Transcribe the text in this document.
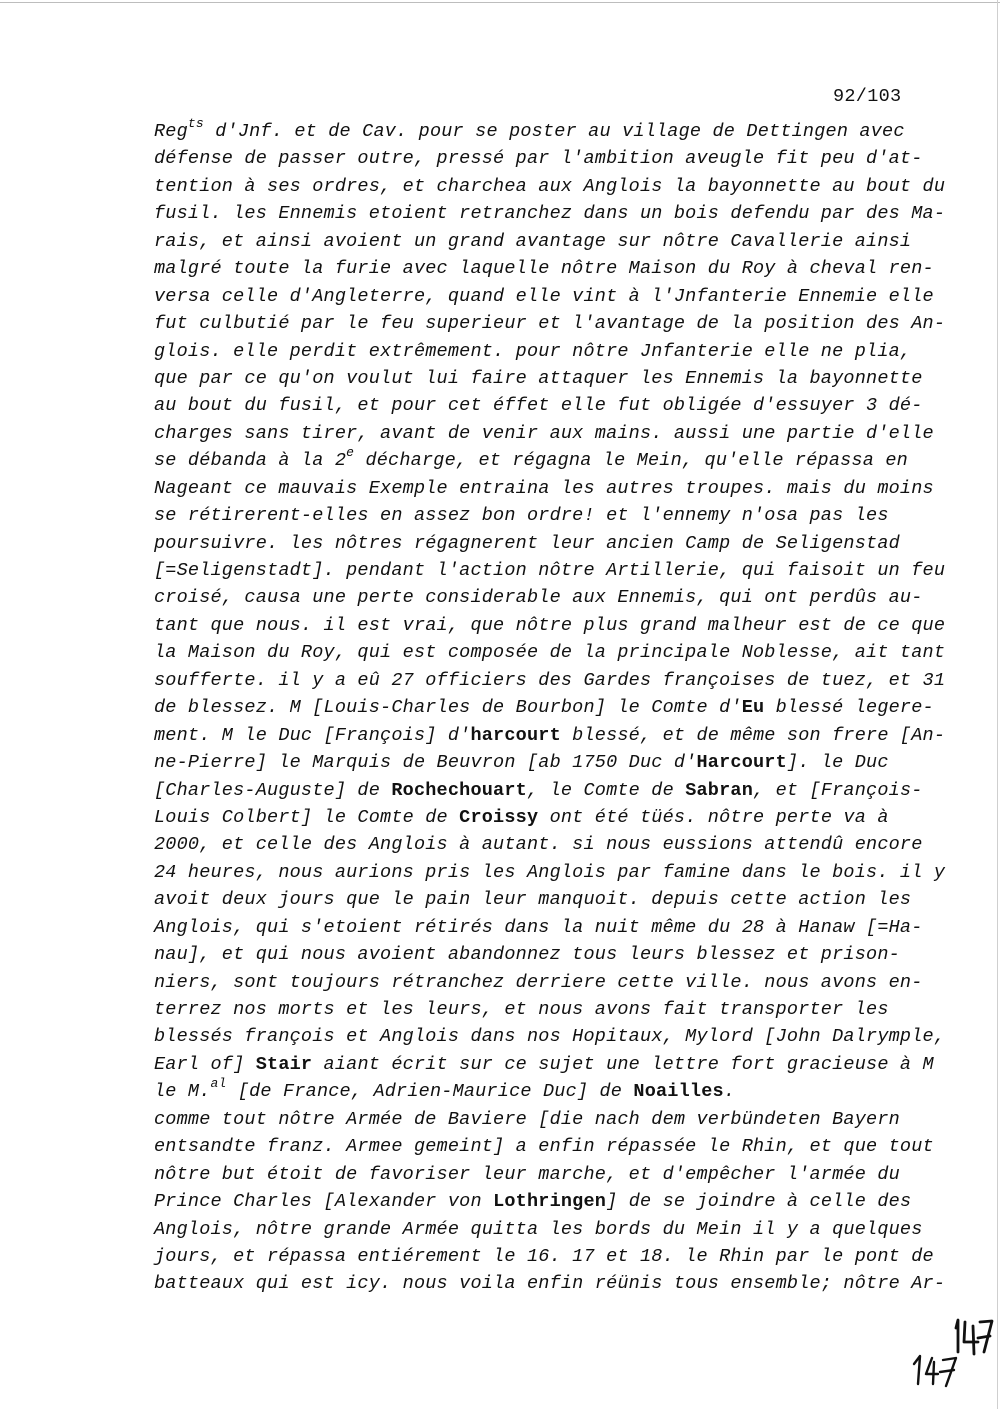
92/103
Reg$^{ts}$ d'Jnf. et de Cav. pour se poster au village de Dettingen avec
défense de passer outre, pressé par l'ambition aveugle fit peu d'at-
tention à ses ordres, et charchea aux Anglois la bayonnette au bout du
fusil. les Ennemis etoient retranchez dans un bois defendu par des Ma-
rais, et ainsi avoient un grand avantage sur nôtre Cavallerie ainsi
malgré toute la furie avec laquelle nôtre Maison du Roy à cheval ren-
versa celle d'Angleterre, quand elle vint à l'Jnfanterie Ennemie elle
fut culbutié par le feu superieur et l'avantage de la position des An-
glois. elle perdit extrêmement. pour nôtre Jnfanterie elle ne plia,
que par ce qu'on voulut lui faire attaquer les Ennemis la bayonnette
au bout du fusil, et pour cet éffet elle fut obligée d'essuyer 3 dé-
charges sans tirer, avant de venir aux mains. aussi une partie d'elle
se débanda à la 2e décharge, et régagna le Mein, qu'elle répassa en
Nageant ce mauvais Exemple entraina les autres troupes. mais du moins
se rétirerent-elles en assez bon ordre! et l'ennemy n'osa pas les
poursuivre. les nôtres régagnerent leur ancien Camp de Seligenstad
[=Seligenstadt]. pendant l'action nôtre Artillerie, qui faisoit un feu
croisé, causa une perte considerable aux Ennemis, qui ont perdûs au-
tant que nous. il est vrai, que nôtre plus grand malheur est de ce que
la Maison du Roy, qui est composée de la principale Noblesse, ait tant
soufferte. il y a eû 27 officiers des Gardes françoises de tuez, et 31
de blessez. M [Louis-Charles de Bourbon] le Comte d'Eu blessé legere-
ment. M le Duc [François] d'harcourt blessé, et de même son frere [An-
ne-Pierre] le Marquis de Beuvron [ab 1750 Duc d'Harcourt]. le Duc
[Charles-Auguste] de Rochechouart, le Comte de Sabran, et [François-
Louis Colbert] le Comte de Croissy ont été tüés. nôtre perte va à
2000, et celle des Anglois à autant. si nous eussions attendû encore
24 heures, nous aurions pris les Anglois par famine dans le bois. il y
avoit deux jours que le pain leur manquoit. depuis cette action les
Anglois, qui s'etoient rétirés dans la nuit même du 28 à Hanaw [=Ha-
nau], et qui nous avoient abandonnez tous leurs blessez et prison-
niers, sont toujours rétranchez derriere cette ville. nous avons en-
terrez nos morts et les leurs, et nous avons fait transporter les
blessés françois et Anglois dans nos Hopitaux, Mylord [John Dalrymple,
Earl of] Stair aiant écrit sur ce sujet une lettre fort gracieuse à M
le M.$^{al}$ [de France, Adrien-Maurice Duc] de Noailles.
comme tout nôtre Armée de Baviere [die nach dem verbündeten Bayern
entsandte franz. Armee gemeint] a enfin répassée le Rhin, et que tout
nôtre but étoit de favoriser leur marche, et d'empêcher l'armée du
Prince Charles [Alexander von Lothringen] de se joindre à celle des
Anglois, nôtre grande Armée quitta les bords du Mein il y a quelques
jours, et répassa entiérement le 16. 17 et 18. le Rhin par le pont de
batteaux qui est icy. nous voila enfin réünis tous ensemble; nôtre Ar-
